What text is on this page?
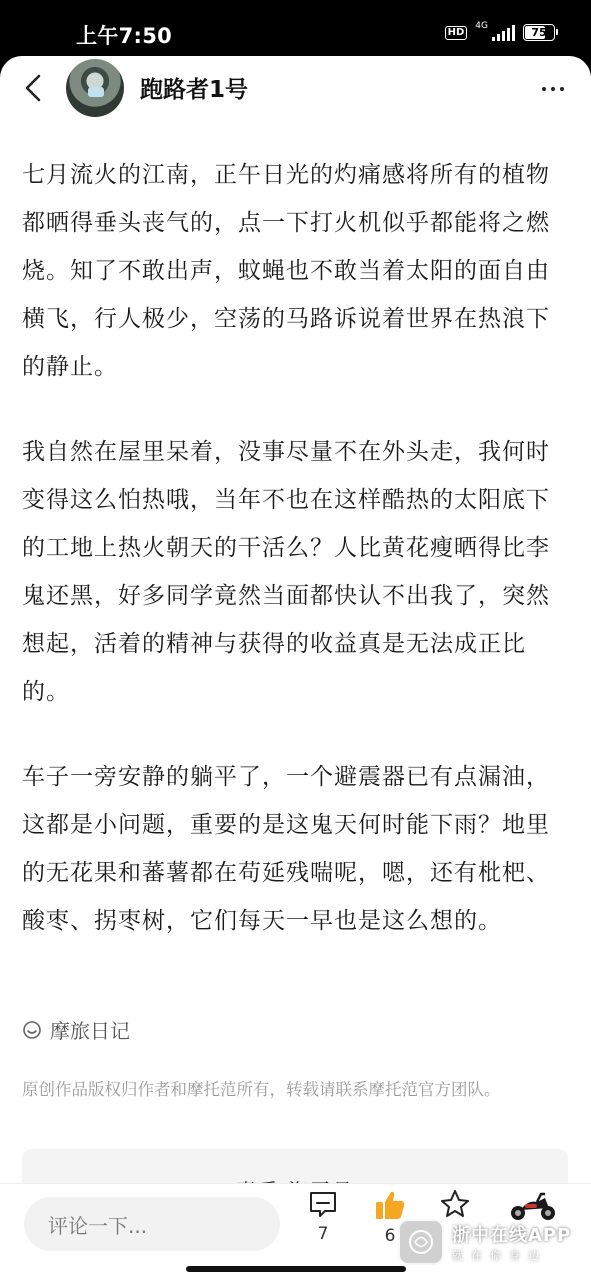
上午7:50	HD
4G	75
跑路者1号

七月流火的江南，正午日光的灼痛感将所有的植物都晒得垂头丧气的，点一下打火机似乎都能将之燃烧。知了不敢出声，蚊蝇也不敢当着太阳的面自由横飞，行人极少，空荡的马路诉说着世界在热浪下的静止。

我自然在屋里呆着，没事尽量不在外头走，我何时变得这么怕热哦，当年不也在这样酷热的太阳底下的工地上热火朝天的干活么？人比黄花瘦晒得比李鬼还黑，好多同学竟然当面都快认不出我了，突然想起，活着的精神与获得的收益真是无法成正比的。

车子一旁安静的躺平了，一个避震器已有点漏油，这都是小问题，重要的是这鬼天何时能下雨？地里的无花果和蕃薯都在苟延残喘呢，嗯，还有枇杷、酸枣、拐枣树，它们每天一早也是这么想的。

摩旅日记
原创作品版权归作者和摩托范所有，转载请联系摩托范官方团队。
评论一下...	7	6	浙中在线APP
就在你身边
